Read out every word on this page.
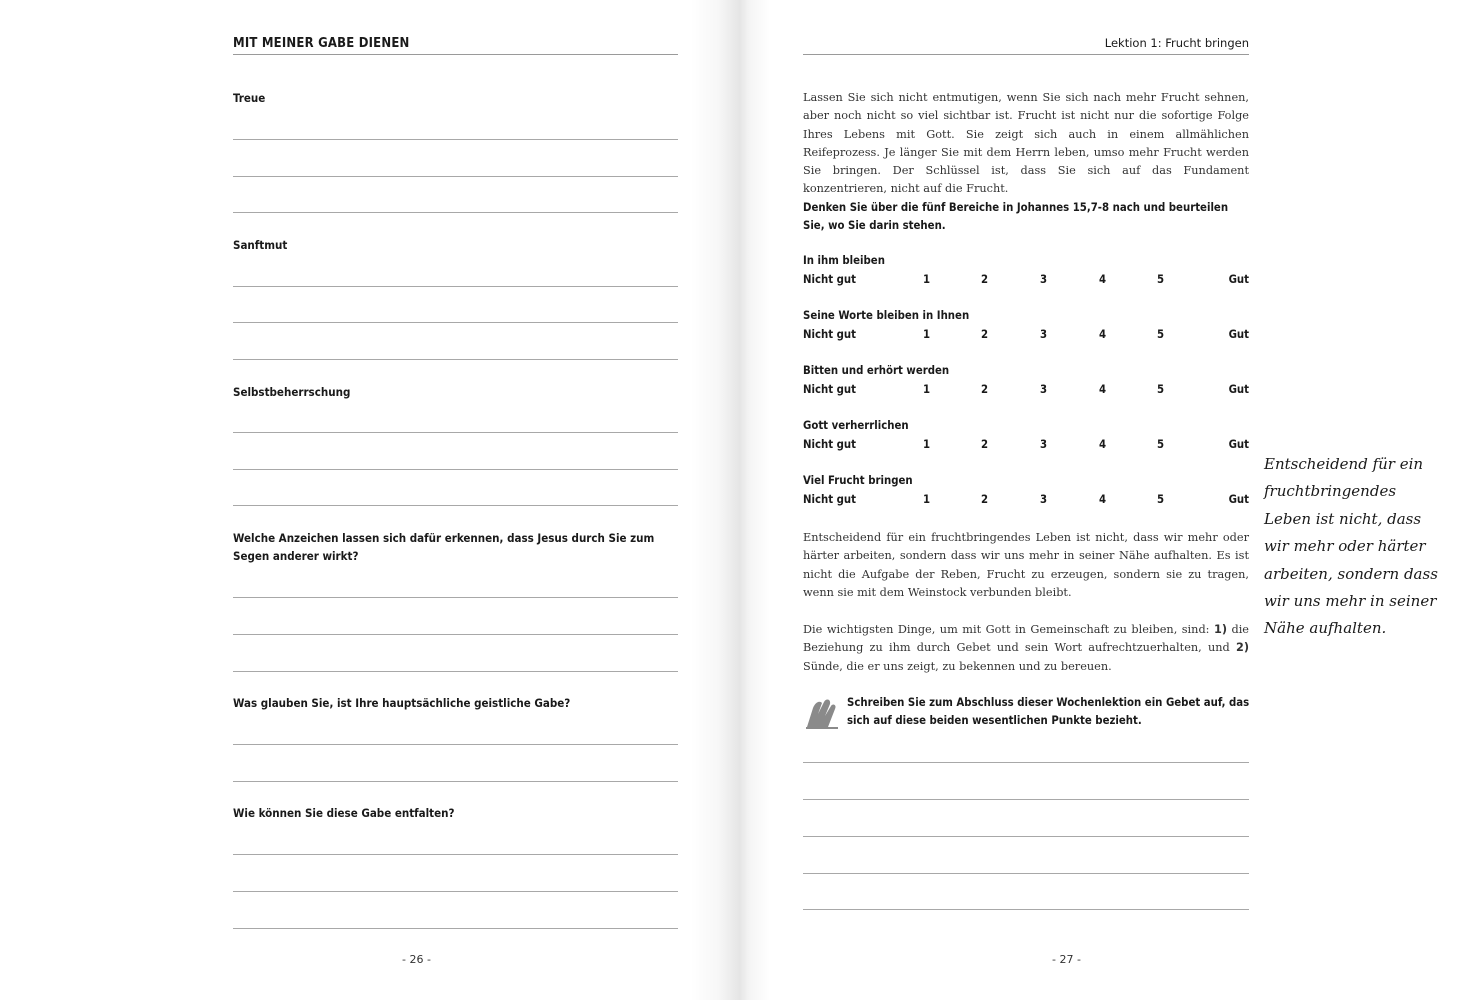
MIT MEINER GABE DIENEN
Treue
Sanftmut
Selbstbeherrschung
Welche Anzeichen lassen sich dafür erkennen, dass Jesus durch Sie zum Segen anderer wirkt?
Was glauben Sie, ist Ihre hauptsächliche geistliche Gabe?
Wie können Sie diese Gabe entfalten?
- 26 -
Lektion 1: Frucht bringen
Lassen Sie sich nicht entmutigen, wenn Sie sich nach mehr Frucht sehnen, aber noch nicht so viel sichtbar ist. Frucht ist nicht nur die sofortige Folge Ihres Lebens mit Gott. Sie zeigt sich auch in einem allmählichen Reifeprozess. Je länger Sie mit dem Herrn leben, umso mehr Frucht werden Sie bringen. Der Schlüssel ist, dass Sie sich auf das Fundament konzentrieren, nicht auf die Frucht.
Denken Sie über die fünf Bereiche in Johannes 15,7-8 nach und beurteilen Sie, wo Sie darin stehen.
In ihm bleiben
Nicht gut	1	2	3	4	5	Gut
Seine Worte bleiben in Ihnen
Nicht gut	1	2	3	4	5	Gut
Bitten und erhört werden
Nicht gut	1	2	3	4	5	Gut
Gott verherrlichen
Nicht gut	1	2	3	4	5	Gut
Viel Frucht bringen
Nicht gut	1	2	3	4	5	Gut
Entscheidend für ein fruchtbringendes Leben ist nicht, dass wir mehr oder härter arbeiten, sondern dass wir uns mehr in seiner Nähe aufhalten. Es ist nicht die Aufgabe der Reben, Frucht zu erzeugen, sondern sie zu tragen, wenn sie mit dem Weinstock verbunden bleibt.
Die wichtigsten Dinge, um mit Gott in Gemeinschaft zu bleiben, sind: 1) die Beziehung zu ihm durch Gebet und sein Wort aufrechtzuerhalten, und 2) Sünde, die er uns zeigt, zu bekennen und zu bereuen.
Schreiben Sie zum Abschluss dieser Wochenlektion ein Gebet auf, das sich auf diese beiden wesentlichen Punkte bezieht.
Entscheidend für ein fruchtbringendes Leben ist nicht, dass wir mehr oder härter arbeiten, sondern dass wir uns mehr in seiner Nähe aufhalten.
- 27 -
